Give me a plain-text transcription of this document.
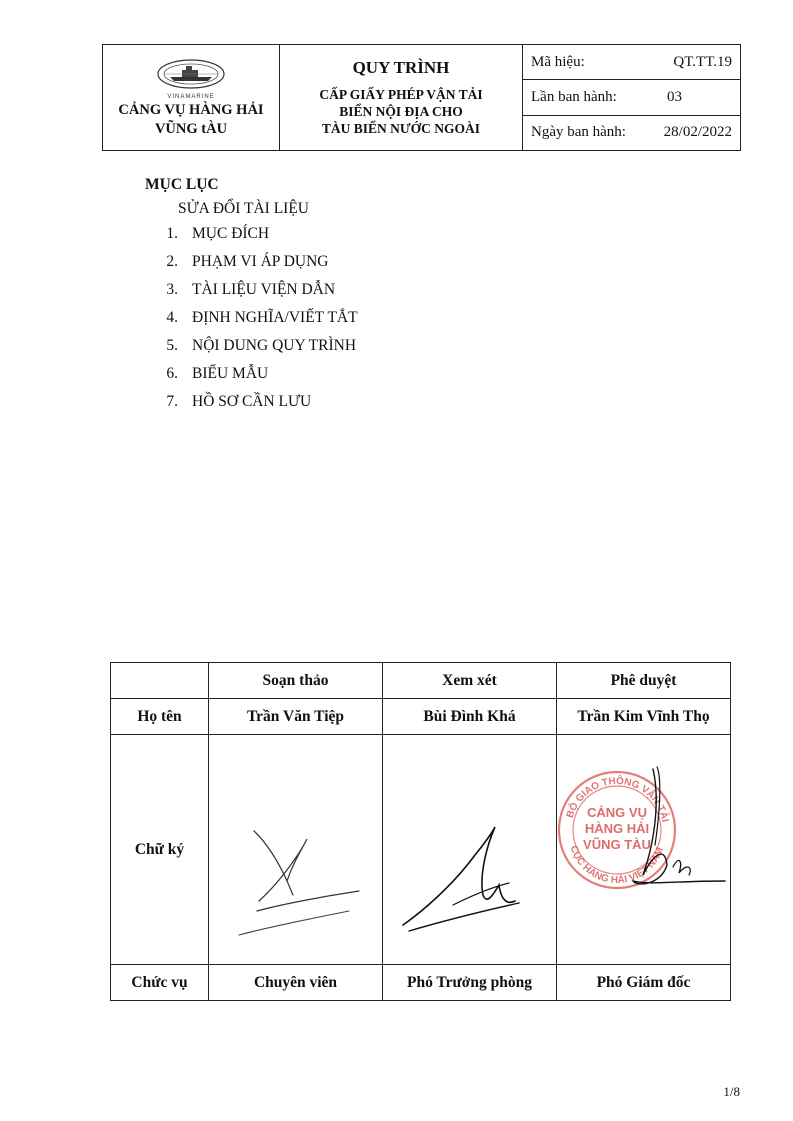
VINAMARINE
CẢNG VỤ HÀNG HẢI
VŨNG tÀU

QUY TRÌNH
CẤP GIẤY PHÉP VẬN TẢI
BIỂN NỘI ĐỊA CHO
TÀU BIỂN NƯỚC NGOÀI

Mã hiệu:	QT.TT.19

Lần ban hành:	03

Ngày ban hành:	28/02/2022
MỤC LỤC
SỬA ĐỔI TÀI LIỆU
1. MỤC ĐÍCH
2. PHẠM VI ÁP DỤNG
3. TÀI LIỆU VIỆN DẪN
4. ĐỊNH NGHĨA/VIẾT TẮT
5. NỘI DUNG QUY TRÌNH
6. BIỂU MẪU
7. HỒ SƠ CẦN LƯU
	Soạn thảo	Xem xét	Phê duyệt
Họ tên	Trần Văn Tiệp	Bùi Đình Khá	Trần Kim Vĩnh Thọ
Chữ ký			BỘ GIAO THÔNG VẬN TẢI
CỤC HÀNG HẢI VIỆT NAM
CẢNG VỤ
HÀNG HẢI
VŨNG TÀU

Chức vụ	Chuyên viên	Phó Trưởng phòng	Phó Giám đốc
1/8
